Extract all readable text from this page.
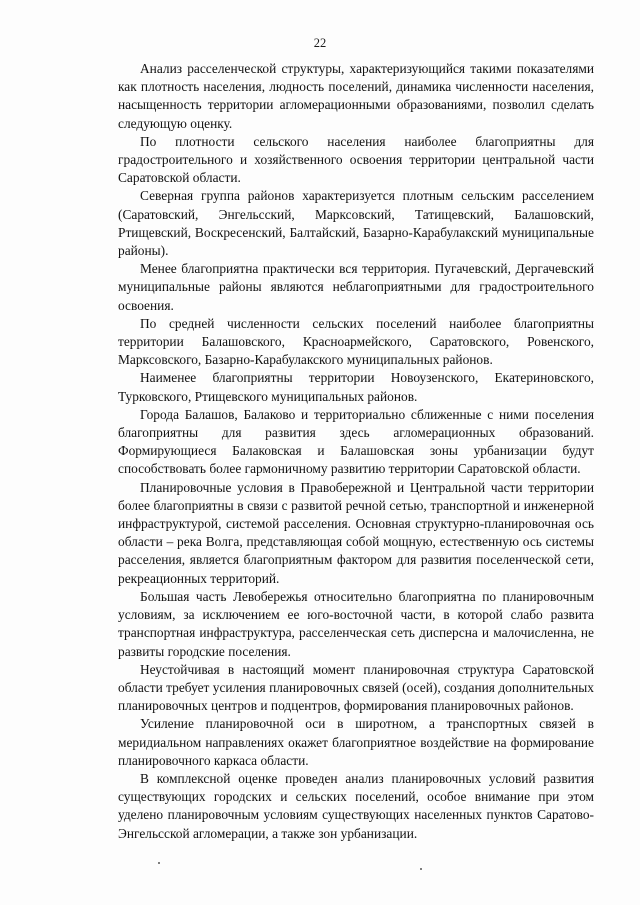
22

Анализ расселенческой структуры, характеризующийся такими показателями как плотность населения, людность поселений, динамика численности населения, насыщенность территории агломерационными образованиями, позволил сделать следующую оценку.

По плотности сельского населения наиболее благоприятны для градостроительного и хозяйственного освоения территории центральной части Саратовской области.

Северная группа районов характеризуется плотным сельским расселением (Саратовский, Энгельсский, Марксовский, Татищевский, Балашовский, Ртищевский, Воскресенский, Балтайский, Базарно-Карабулакский муниципальные районы).

Менее благоприятна практически вся территория. Пугачевский, Дергачевский муниципальные районы являются неблагоприятными для градостроительного освоения.

По средней численности сельских поселений наиболее благоприятны территории Балашовского, Красноармейского, Саратовского, Ровенского, Марксовского, Базарно-Карабулакского муниципальных районов.

Наименее благоприятны территории Новоузенского, Екатериновского, Турковского, Ртищевского муниципальных районов.

Города Балашов, Балаково и территориально сближенные с ними поселения благоприятны для развития здесь агломерационных образований. Формирующиеся Балаковская и Балашовская зоны урбанизации будут способствовать более гармоничному развитию территории Саратовской области.

Планировочные условия в Правобережной и Центральной части территории более благоприятны в связи с развитой речной сетью, транспортной и инженерной инфраструктурой, системой расселения. Основная структурно-планировочная ось области – река Волга, представляющая собой мощную, естественную ось системы расселения, является благоприятным фактором для развития поселенческой сети, рекреационных территорий.

Большая часть Левобережья относительно благоприятна по планировочным условиям, за исключением ее юго-восточной части, в которой слабо развита транспортная инфраструктура, расселенческая сеть дисперсна и малочисленна, не развиты городские поселения.

Неустойчивая в настоящий момент планировочная структура Саратовской области требует усиления планировочных связей (осей), создания дополнительных планировочных центров и подцентров, формирования планировочных районов.

Усиление планировочной оси в широтном, а транспортных связей в меридиальном направлениях окажет благоприятное воздействие на формирование планировочного каркаса области.

В комплексной оценке проведен анализ планировочных условий развития существующих городских и сельских поселений, особое внимание при этом уделено планировочным условиям существующих населенных пунктов Саратово-Энгельсской агломерации, а также зон урбанизации.
